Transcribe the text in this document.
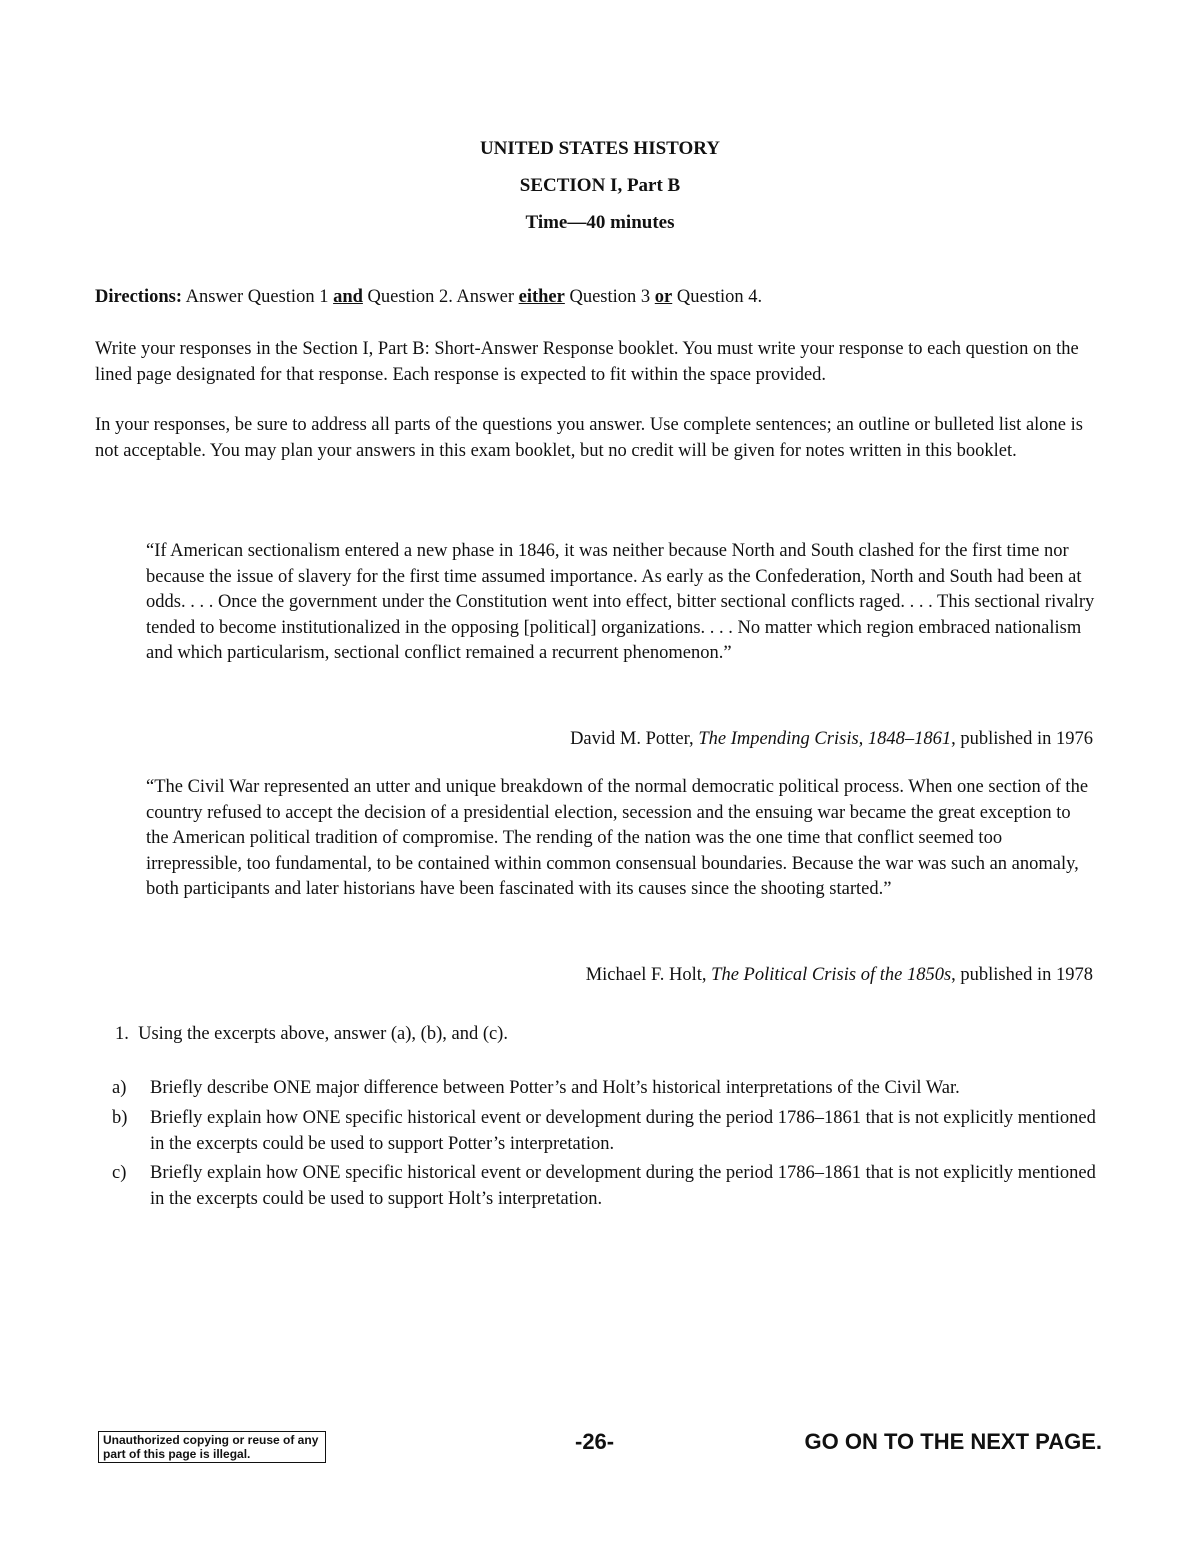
UNITED STATES HISTORY
SECTION I, Part B
Time—40 minutes

Directions: Answer Question 1 and Question 2. Answer either Question 3 or Question 4.

Write your responses in the Section I, Part B: Short-Answer Response booklet. You must write your response to each question on the lined page designated for that response. Each response is expected to fit within the space provided.

In your responses, be sure to address all parts of the questions you answer. Use complete sentences; an outline or bulleted list alone is not acceptable. You may plan your answers in this exam booklet, but no credit will be given for notes written in this booklet.

“If American sectionalism entered a new phase in 1846, it was neither because North and South clashed for the first time nor because the issue of slavery for the first time assumed importance. As early as the Confederation, North and South had been at odds. . . . Once the government under the Constitution went into effect, bitter sectional conflicts raged. . . . This sectional rivalry tended to become institutionalized in the opposing [political] organizations. . . . No matter which region embraced nationalism and which particularism, sectional conflict remained a recurrent phenomenon.”

David M. Potter, The Impending Crisis, 1848–1861, published in 1976

“The Civil War represented an utter and unique breakdown of the normal democratic political process. When one section of the country refused to accept the decision of a presidential election, secession and the ensuing war became the great exception to the American political tradition of compromise. The rending of the nation was the one time that conflict seemed too irrepressible, too fundamental, to be contained within common consensual boundaries. Because the war was such an anomaly, both participants and later historians have been fascinated with its causes since the shooting started.”

Michael F. Holt, The Political Crisis of the 1850s, published in 1978
1. Using the excerpts above, answer (a), (b), and (c).
a) Briefly describe ONE major difference between Potter’s and Holt’s historical interpretations of the Civil War.
b) Briefly explain how ONE specific historical event or development during the period 1786–1861 that is not explicitly mentioned in the excerpts could be used to support Potter’s interpretation.
c) Briefly explain how ONE specific historical event or development during the period 1786–1861 that is not explicitly mentioned in the excerpts could be used to support Holt’s interpretation.
Unauthorized copying or reuse of any part of this page is illegal.	-26-	GO ON TO THE NEXT PAGE.
